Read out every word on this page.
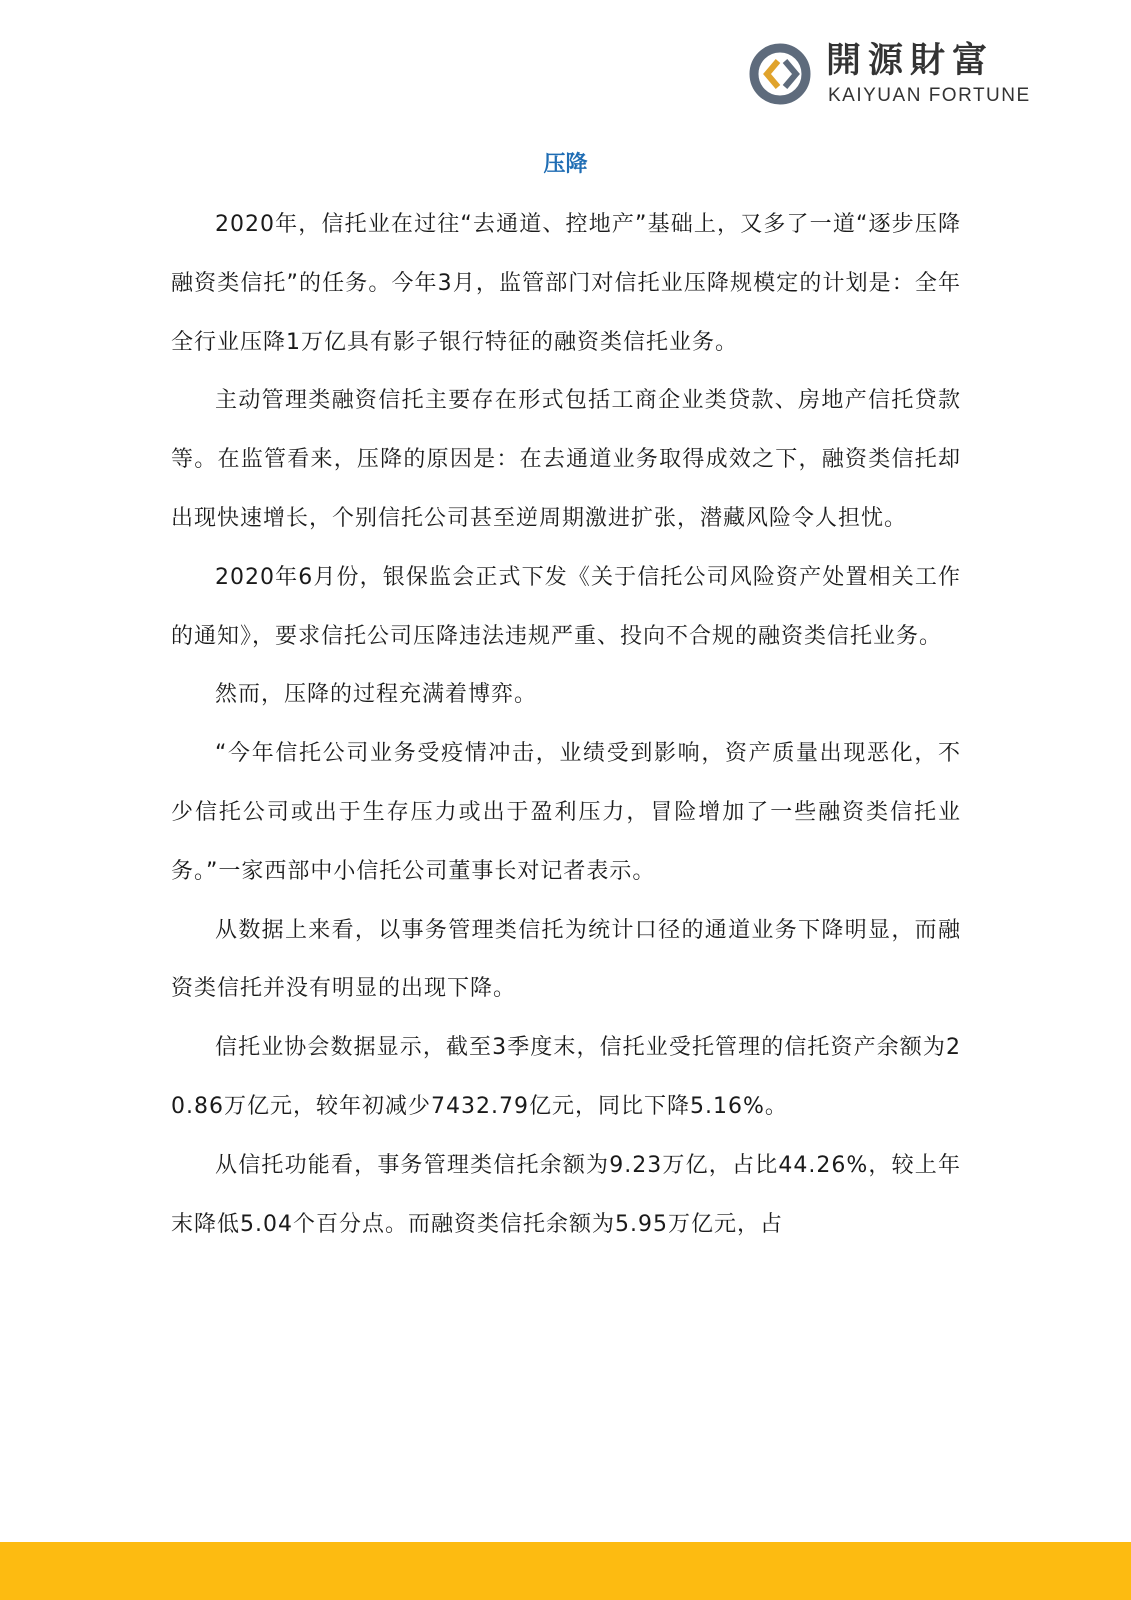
開源財富
KAIYUAN FORTUNE
压降

2020年，信托业在过往“去通道、控地产”基础上，又多了一道“逐步压降融资类信托”的任务。今年3月，监管部门对信托业压降规模定的计划是：全年全行业压降1万亿具有影子银行特征的融资类信托业务。

主动管理类融资信托主要存在形式包括工商企业类贷款、房地产信托贷款等。在监管看来，压降的原因是：在去通道业务取得成效之下，融资类信托却出现快速增长，个别信托公司甚至逆周期激进扩张，潜藏风险令人担忧。

2020年6月份，银保监会正式下发《关于信托公司风险资产处置相关工作的通知》，要求信托公司压降违法违规严重、投向不合规的融资类信托业务。

然而，压降的过程充满着博弈。

“今年信托公司业务受疫情冲击，业绩受到影响，资产质量出现恶化，不少信托公司或出于生存压力或出于盈利压力，冒险增加了一些融资类信托业务。”一家西部中小信托公司董事长对记者表示。

从数据上来看，以事务管理类信托为统计口径的通道业务下降明显，而融资类信托并没有明显的出现下降。

信托业协会数据显示，截至3季度末，信托业受托管理的信托资产余额为20.86万亿元，较年初减少7432.79亿元，同比下降5.16%。

从信托功能看，事务管理类信托余额为9.23万亿，占比44.26%，较上年末降低5.04个百分点。而融资类信托余额为5.95万亿元，占
